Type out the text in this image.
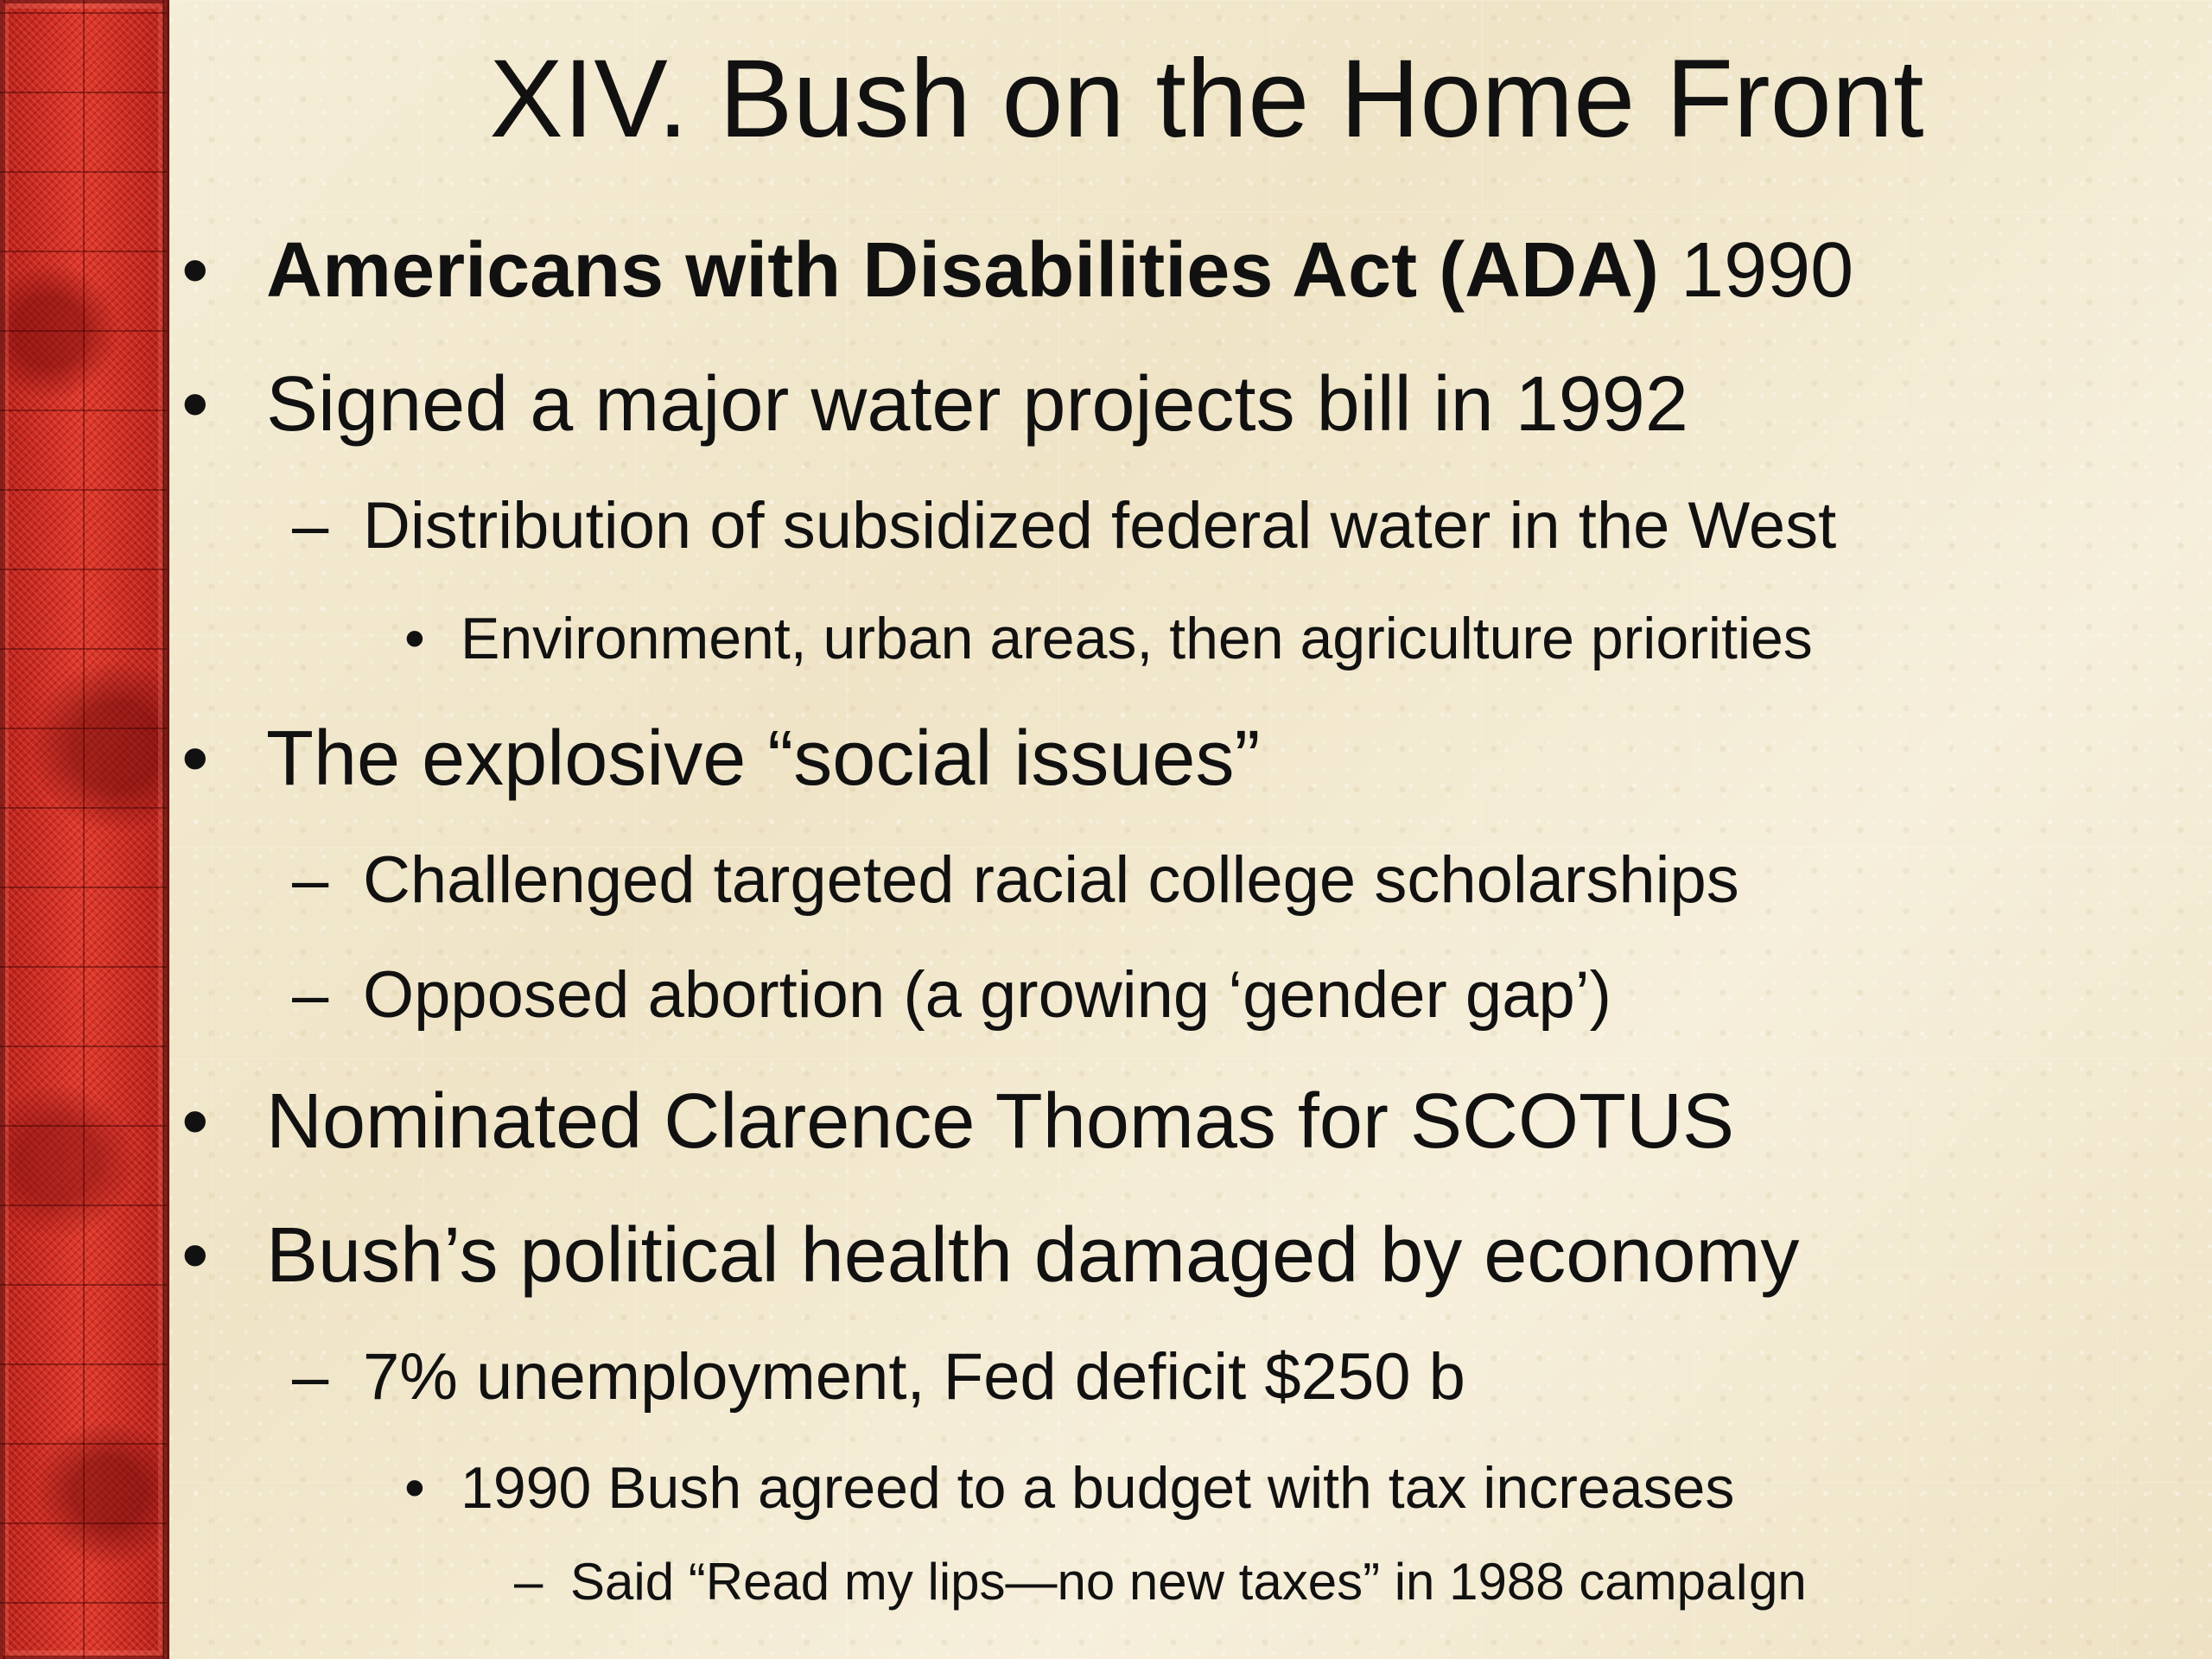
XIV. Bush on the Home Front
• Americans with Disabilities Act (ADA) 1990
• Signed a major water projects bill in 1992
– Distribution of subsidized federal water in the West
• Environment, urban areas, then agriculture priorities
• The explosive “social issues”
– Challenged targeted racial college scholarships
– Opposed abortion (a growing ‘gender gap’)
• Nominated Clarence Thomas for SCOTUS
• Bush’s political health damaged by economy
– 7% unemployment, Fed deficit $250 b
• 1990 Bush agreed to a budget with tax increases
– Said “Read my lips—no new taxes” in 1988 campaIgn
